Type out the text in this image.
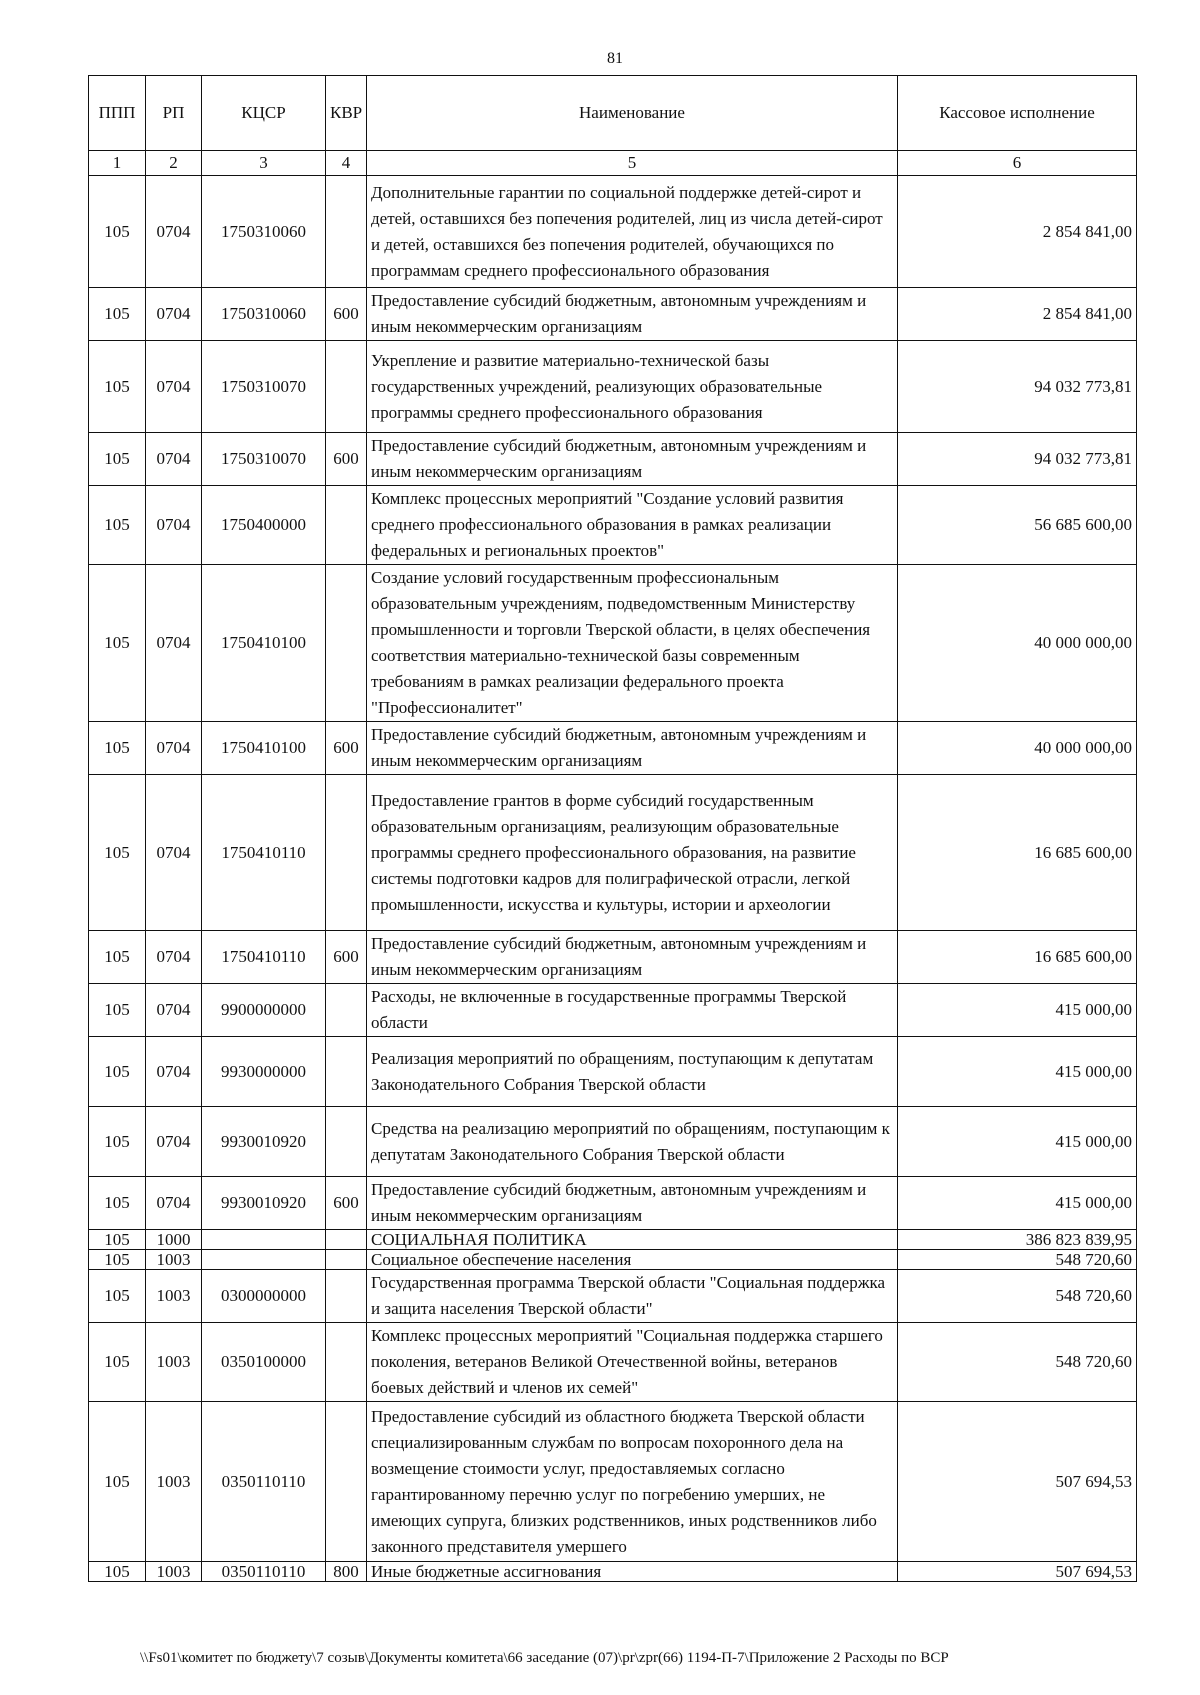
81
ППП	РП	КЦСР	КВР	Наименование	Кассовое исполнение
1	2	3	4	5	6
105	0704	1750310060		Дополнительные гарантии по социальной поддержке детей-сирот и детей, оставшихся без попечения родителей, лиц из числа детей-сирот и детей, оставшихся без попечения родителей, обучающихся по программам среднего профессионального образования	2 854 841,00
105	0704	1750310060	600	Предоставление субсидий бюджетным, автономным учреждениям и иным некоммерческим организациям	2 854 841,00
105	0704	1750310070		Укрепление и развитие материально-технической базы государственных учреждений, реализующих образовательные программы среднего профессионального образования	94 032 773,81
105	0704	1750310070	600	Предоставление субсидий бюджетным, автономным учреждениям и иным некоммерческим организациям	94 032 773,81
105	0704	1750400000		Комплекс процессных мероприятий "Создание условий развития среднего профессионального образования в рамках реализации федеральных и региональных проектов"	56 685 600,00
105	0704	1750410100		Создание условий государственным профессиональным образовательным учреждениям, подведомственным Министерству промышленности и торговли Тверской области, в целях обеспечения соответствия материально-технической базы современным требованиям в рамках реализации федерального проекта "Профессионалитет"	40 000 000,00
105	0704	1750410100	600	Предоставление субсидий бюджетным, автономным учреждениям и иным некоммерческим организациям	40 000 000,00
105	0704	1750410110		Предоставление грантов в форме субсидий государственным образовательным организациям, реализующим образовательные программы среднего профессионального образования, на развитие системы подготовки кадров для полиграфической отрасли, легкой промышленности, искусства и культуры, истории и археологии	16 685 600,00
105	0704	1750410110	600	Предоставление субсидий бюджетным, автономным учреждениям и иным некоммерческим организациям	16 685 600,00
105	0704	9900000000		Расходы, не включенные в государственные программы Тверской области	415 000,00
105	0704	9930000000		Реализация мероприятий по обращениям, поступающим к депутатам Законодательного Собрания Тверской области	415 000,00
105	0704	9930010920		Средства на реализацию мероприятий по обращениям, поступающим к депутатам Законодательного Собрания Тверской области	415 000,00
105	0704	9930010920	600	Предоставление субсидий бюджетным, автономным учреждениям и иным некоммерческим организациям	415 000,00
105	1000			СОЦИАЛЬНАЯ ПОЛИТИКА	386 823 839,95
105	1003			Социальное обеспечение населения	548 720,60
105	1003	0300000000		Государственная программа Тверской области "Социальная поддержка и защита населения Тверской области"	548 720,60
105	1003	0350100000		Комплекс процессных мероприятий "Социальная поддержка старшего поколения, ветеранов Великой Отечественной войны, ветеранов боевых действий и членов их семей"	548 720,60
105	1003	0350110110		Предоставление субсидий из областного бюджета Тверской области специализированным службам по вопросам похоронного дела на возмещение стоимости услуг, предоставляемых согласно гарантированному перечню услуг по погребению умерших, не имеющих супруга, близких родственников, иных родственников либо законного представителя умершего	507 694,53
105	1003	0350110110	800	Иные бюджетные ассигнования	507 694,53
\\Fs01\комитет по бюджету\7 созыв\Документы комитета\66 заседание (07)\pr\zpr(66) 1194-П-7\Приложение 2 Расходы по ВСР
